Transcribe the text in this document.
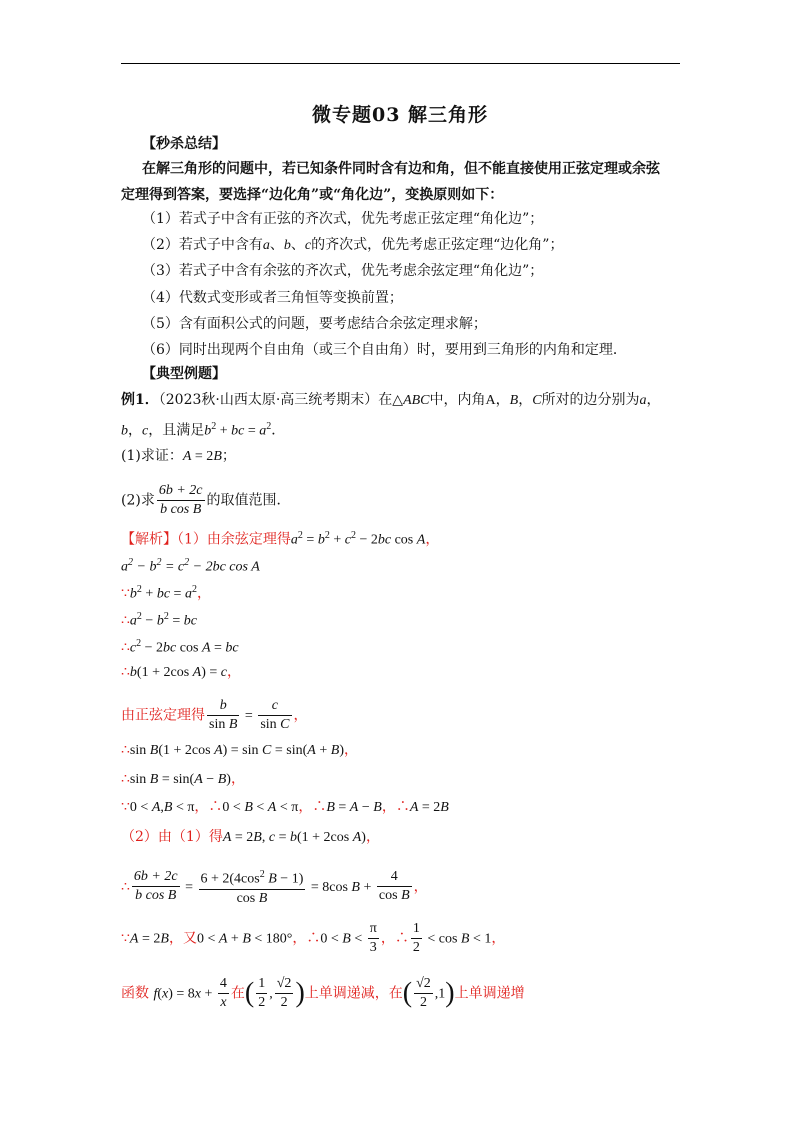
微专题03 解三角形
【秒杀总结】
在解三角形的问题中，若已知条件同时含有边和角，但不能直接使用正弦定理或余弦
定理得到答案，要选择“边化角”或“角化边”，变换原则如下：
（1）若式子中含有正弦的齐次式，优先考虑正弦定理“角化边”；
（2）若式子中含有a、b、c的齐次式，优先考虑正弦定理“边化角”；
（3）若式子中含有余弦的齐次式，优先考虑余弦定理“角化边”；
（4）代数式变形或者三角恒等变换前置；
（5）含有面积公式的问题，要考虑结合余弦定理求解；
（6）同时出现两个自由角（或三个自由角）时，要用到三角形的内角和定理．
【典型例题】
例1．（2023秋·山西太原·高三统考期末）在△ABC中，内角A，B，C所对的边分别为a，
b，c，且满足$b^2$ + bc = $a^2$．
(1)求证：A = 2B；
(2)求 $\frac{6b + 2c}{\text{b cos B}}$ 的取值范围．
【解析】（1）由余弦定理得$a^2 = b^2 + c^2 - 2bc$ cos A，
$a^2 - b^2 = c^2 - 2bc$ cos A
$\because b^2$ + bc = $a^2$，
$\therefore a^2 - b^2$ = bc
$\therefore c^2 - 2bc$ cos A = bc
∴b(1 + 2cos A) = c，
由正弦定理得 $\frac{b}{\text{sin B}} = \frac{c}{\text{sin C}}$ ，
∴sin B(1 + 2cos A) = sin C = sin(A + B)，
∴sin B = sin(A − B)，
∵0 < A,B < π，∴0 < B < A < π，∴B = A − B，∴A = 2B
（2）由（1）得A = 2B, c = b(1 + 2cos A)，
∴ $\frac{6b + 2c}{\text{b cos B}} = \frac{6 + 2(4\cos^2 B - 1)}{\text{cos B}} = 8\cos$ $B + \frac{4}{\text{cos B}}$ ，
∵A = 2B，又0 < A + B < 180°，∴0 < $B < \frac{\pi}{3}$ ，∴ $\frac{1}{2} < \cos B < 1$，
函数 $f(x) = 8x + \frac{4}{x}$ 在( $\frac{1}{2}$ , $\frac{√2}{2}$ )上单调递减，在( $\frac{√2}{2} ,1$)上单调递增
